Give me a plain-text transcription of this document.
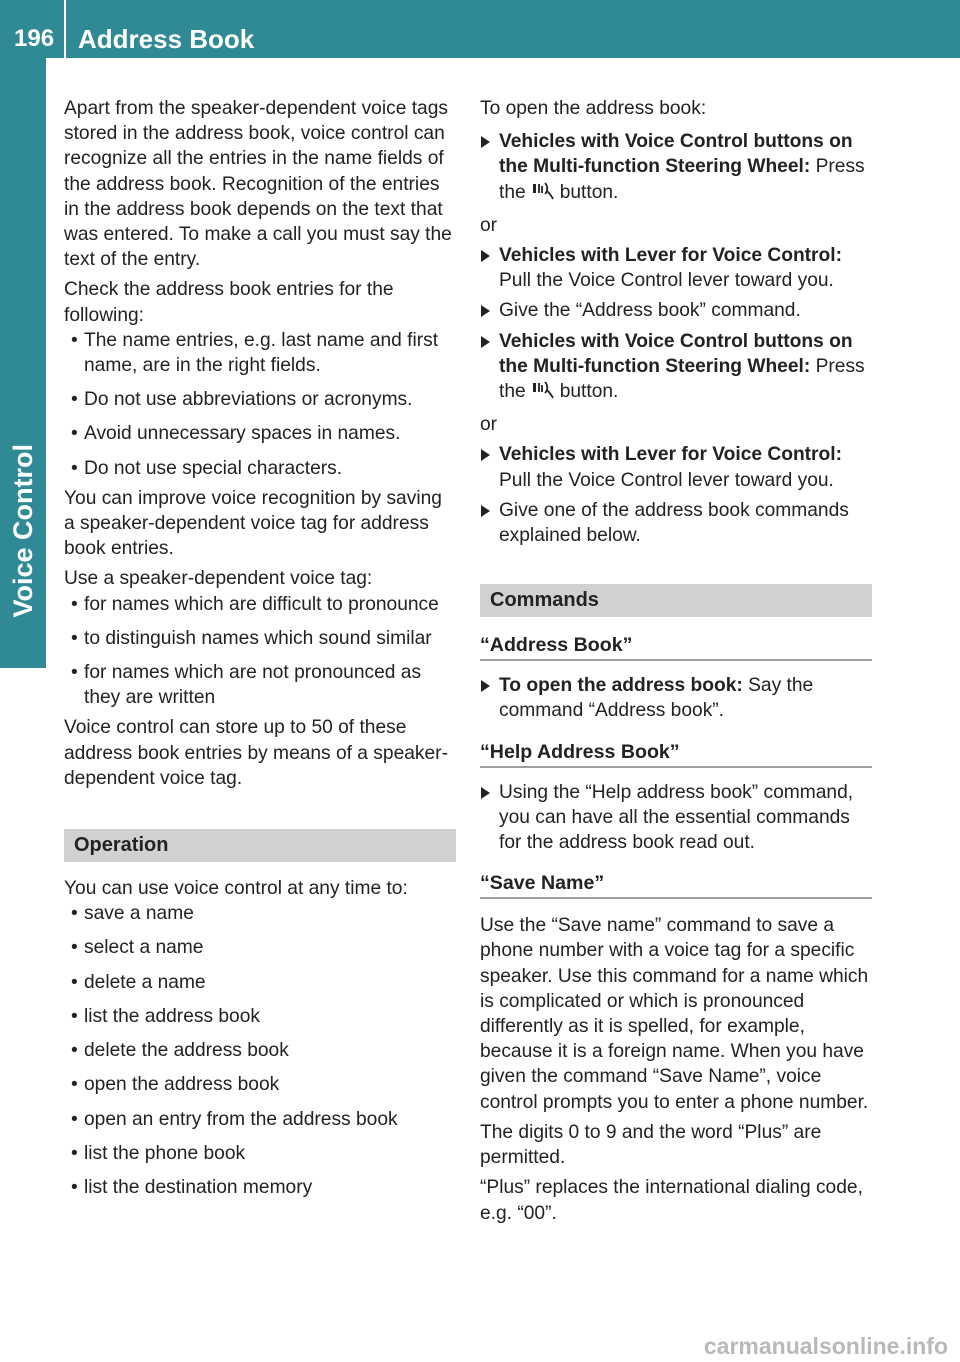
196 Address Book
Voice Control

Apart from the speaker-dependent voice tags stored in the address book, voice control can recognize all the entries in the name fields of the address book. Recognition of the entries in the address book depends on the text that was entered. To make a call you must say the text of the entry.

Check the address book entries for the following:

• The name entries, e.g. last name and first name, are in the right fields.
• Do not use abbreviations or acronyms.
• Avoid unnecessary spaces in names.
• Do not use special characters.

You can improve voice recognition by saving a speaker-dependent voice tag for address book entries.

Use a speaker-dependent voice tag:

• for names which are difficult to pronounce
• to distinguish names which sound similar
• for names which are not pronounced as they are written

Voice control can store up to 50 of these address book entries by means of a speaker-dependent voice tag.

Operation

You can use voice control at any time to:

• save a name
• select a name
• delete a name
• list the address book
• delete the address book
• open the address book
• open an entry from the address book
• list the phone book
• list the destination memory

To open the address book:

Vehicles with Voice Control buttons on the Multi-function Steering Wheel: Press the button.

or

Vehicles with Lever for Voice Control:
Pull the Voice Control lever toward you.
Give the “Address book” command.
Vehicles with Voice Control buttons on the Multi-function Steering Wheel: Press the button.

or

Vehicles with Lever for Voice Control:
Pull the Voice Control lever toward you.
Give one of the address book commands explained below.
Commands
“Address Book”
To open the address book: Say the command “Address book”.
“Help Address Book”
Using the “Help address book” command, you can have all the essential commands for the address book read out.
“Save Name”

Use the “Save name” command to save a phone number with a voice tag for a specific speaker. Use this command for a name which is complicated or which is pronounced differently as it is spelled, for example, because it is a foreign name. When you have given the command “Save Name”, voice control prompts you to enter a phone number.

The digits 0 to 9 and the word “Plus” are permitted.

“Plus” replaces the international dialing code, e.g. “00”.

carmanualsonline.info
